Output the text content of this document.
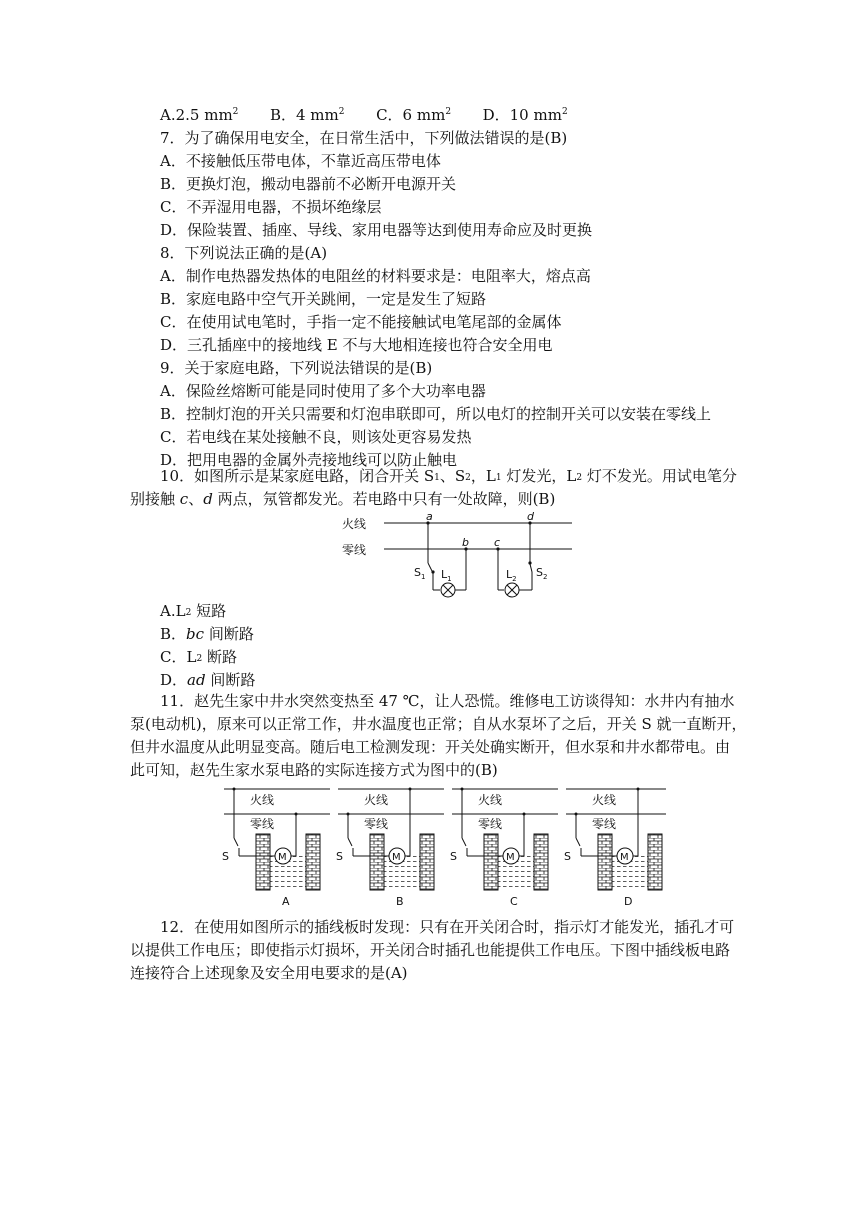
A.2.5 $mm^2$ B．4 $mm^2$ C．6 $mm^2$ D．10 $mm^2$
7．为了确保用电安全，在日常生活中，下列做法错误的是(B)
A．不接触低压带电体，不靠近高压带电体
B．更换灯泡，搬动电器前不必断开电源开关
C．不弄湿用电器，不损坏绝缘层
D．保险装置、插座、导线、家用电器等达到使用寿命应及时更换
8．下列说法正确的是(A)
A．制作电热器发热体的电阻丝的材料要求是：电阻率大，熔点高
B．家庭电路中空气开关跳闸，一定是发生了短路
C．在使用试电笔时，手指一定不能接触试电笔尾部的金属体
D．三孔插座中的接地线 E 不与大地相连接也符合安全用电
9．关于家庭电路，下列说法错误的是(B)
A．保险丝熔断可能是同时使用了多个大功率电器
B．控制灯泡的开关只需要和灯泡串联即可，所以电灯的控制开关可以安装在零线上
C．若电线在某处接触不良，则该处更容易发热
D．把用电器的金属外壳接地线可以防止触电
10．如图所示是某家庭电路，闭合开关 $S_1$、$S_2$，$L_1$ 灯发光，$L_2$ 灯不发光。用试电笔分
别接触 c、d 两点，氖管都发光。若电路中只有一处故障，则(B)
火线
零线
a
b c
d
$S_1$ $L_1$	$L_2$ $S_2$
$A.L_2$ 短路
B．bc 间断路
C．$L_2$ 断路
D．ad 间断路
11．赵先生家中井水突然变热至 47 ℃，让人恐慌。维修电工访谈得知：水井内有抽水
泵(电动机)，原来可以正常工作，井水温度也正常；自从水泵坏了之后，开关 S 就一直断开，
但井水温度从此明显变高。随后电工检测发现：开关处确实断开，但水泵和井水都带电。由
此可知，赵先生家水泵电路的实际连接方式为图中的(B)
火线
零线
M
S
A
火线
零线
M
S
B
火线
零线
M
S
C
火线
零线
M
S
D
12．在使用如图所示的插线板时发现：只有在开关闭合时，指示灯才能发光，插孔才可
以提供工作电压；即使指示灯损坏，开关闭合时插孔也能提供工作电压。下图中插线板电路
连接符合上述现象及安全用电要求的是(A)
